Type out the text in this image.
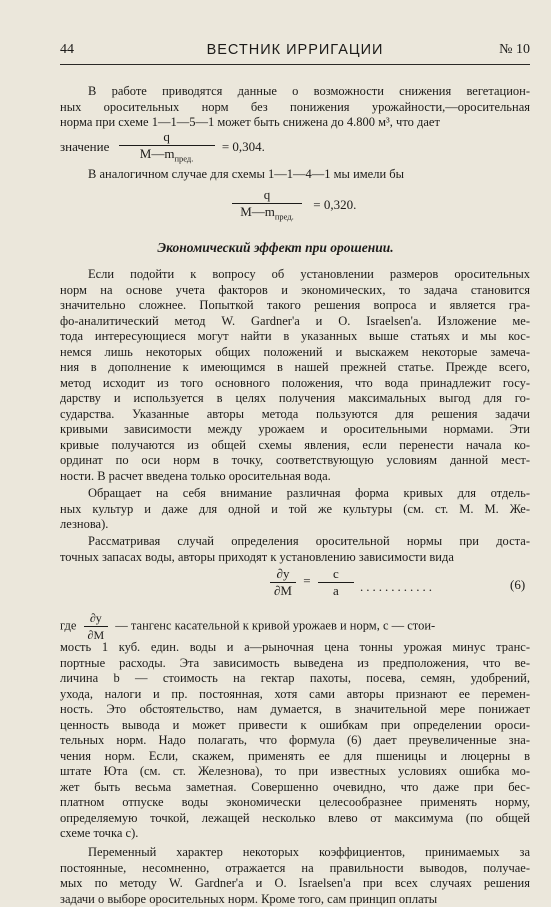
44	ВЕСТНИК ИРРИГАЦИИ	№ 10

В работе приводятся данные о возможности снижения вегетацион-
ных оросительных норм без понижения урожайности,—оросительная
норма при схеме 1—1—5—1 может быть снижена до 4.800 м³, что дает

значение $\frac{q}{M—m_{пред.}} = 0,304$.

В аналогичном случае для схемы 1—1—4—1 мы имели бы

$\frac{q}{M—m_{пред.}} = 0,320$.
Экономический эффект при орошении.

Если подойти к вопросу об установлении размеров оросительных
норм на основе учета факторов и экономических, то задача становится
значительно сложнее. Попыткой такого решения вопроса и является гра-
фо-аналитический метод W. Gardner'a и O. Israelsen'a. Изложение ме-
тода интересующиеся могут найти в указанных выше статьях и мы кос-
немся лишь некоторых общих положений и выскажем некоторые замеча-
ния в дополнение к имеющимся в нашей прежней статье. Прежде всего,
метод исходит из того основного положения, что вода принадлежит госу-
дарству и используется в целях получения максимальных выгод для го-
сударства. Указанные авторы метода пользуются для решения задачи
кривыми зависимости между урожаем и оросительными нормами. Эти
кривые получаются из общей схемы явления, если перенести начала ко-
ординат по оси норм в точку, соответствующую условиям данной мест-
ности. В расчет введена только оросительная вода.

Обращает на себя внимание различная форма кривых для отдель-
ных культур и даже для одной и той же культуры (см. ст. М. М. Же-
лезнова).

Рассматривая случай определения оросительной нормы при доста-
точных запасах воды, авторы приходят к установлению зависимости вида

$\frac{\partial y}{\partial M} = \frac{c}{a}$ ............	(6)
где $\frac{\partial y}{\partial M}$ — тангенс касательной к кривой урожаев и норм, с — стои-

мость 1 куб. един. воды и а—рыночная цена тонны урожая минус транс-
портные расходы. Эта зависимость выведена из предположения, что ве-
личина b — стоимость на гектар пахоты, посева, семян, удобрений,
ухода, налоги и пр. постоянная, хотя сами авторы признают ее перемен-
ность. Это обстоятельство, нам думается, в значительной мере понижает
ценность вывода и может привести к ошибкам при определении ороси-
тельных норм. Надо полагать, что формула (6) дает преувеличенные зна-
чения норм. Если, скажем, применять ее для пшеницы и люцерны в
штате Юта (см. ст. Железнова), то при известных условиях ошибка мо-
жет быть весьма заметная. Совершенно очевидно, что даже при бес-
платном отпуске воды экономически целесообразнее применять норму,
определяемую точкой, лежащей несколько влево от максимума (по общей
схеме точка c).

Переменный характер некоторых коэффициентов, принимаемых за
постоянные, несомненно, отражается на правильности выводов, получае-
мых по методу W. Gardner'a и O. Israelsen'a при всех случаях решения
задачи о выборе оросительных норм. Кроме того, сам принцип оплаты
